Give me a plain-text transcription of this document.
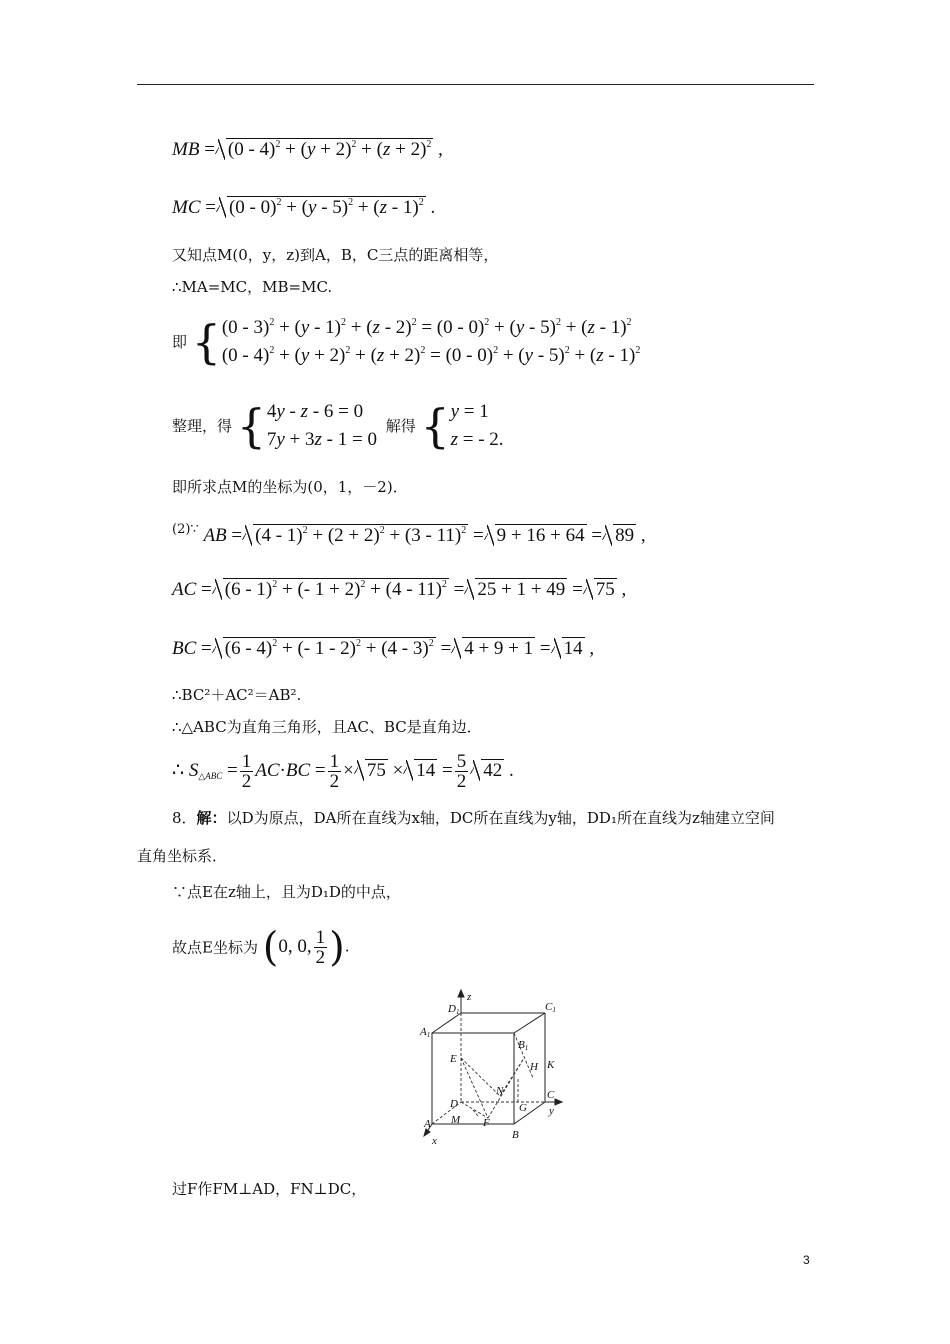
MB = $(0 - 4)^2 + (y + 2)^2 + (z + 2)^2$ ,
MC = (0 - 0)$^2$ + (y - 5)$^2$ + (z - 1)$^2$ .
又知点M(0，y，z)到A，B，C三点的距离相等，
∴MA=MC，MB=MC.
即 { (0 - 3)$^2$ + (y - 1)$^2$ + (z - 2)$^2$ = (0 - 0)$^2$ + (y - 5)$^2$ + (z - 1)$^2$
$(0 - 4)^2 + (y + 2)^2 + (z + 2)^2 = (0 - 0)^2 + (y - 5)^2 + (z - 1)^2$
整理，得 { 4y - z - 6 = 0
7y + 3z - 1 = 0
解得 { y = 1
z = - 2.
即所求点M的坐标为(0，1，－2)．
$^{(2)\because}$ AB = $(4 - 1)^2 + (2 + 2)^2 + (3 - 11)^2 = 9 + 16 + 64 = 89$ ,
AC = (6 - 1)$^2$ + (- 1 + 2)$^2$ + (4 - 11)$^2$ = 25 + 1 + 49 = 75 ,
BC = (6 - 4)$^2$ + (- 1 - 2)$^2$ + (4 - 3)$^2$ = 4 + 9 + 1 = 14 ,
∴BC²＋AC²＝AB².
∴△ABC为直角三角形，且AC、BC是直角边．
∴ $S_{\triangle ABC} = \frac{1}{2} AC\cdot BC = \frac{1}{2} \times 75 \times 14 = \frac{5}{2} 42$ .
8．解：以D为原点，DA所在直线为x轴，DC所在直线为y轴，DD₁所在直线为z轴建立空间
直角坐标系．
∵点E在z轴上，且为D₁D的中点，
故点E坐标为 (0, 0, $\frac{1}{2}$ ).
z
D1	C1
A1
B1
E
H K
C
N
D	G y
M F
A
B
x
过F作FM⊥AD，FN⊥DC，
3
